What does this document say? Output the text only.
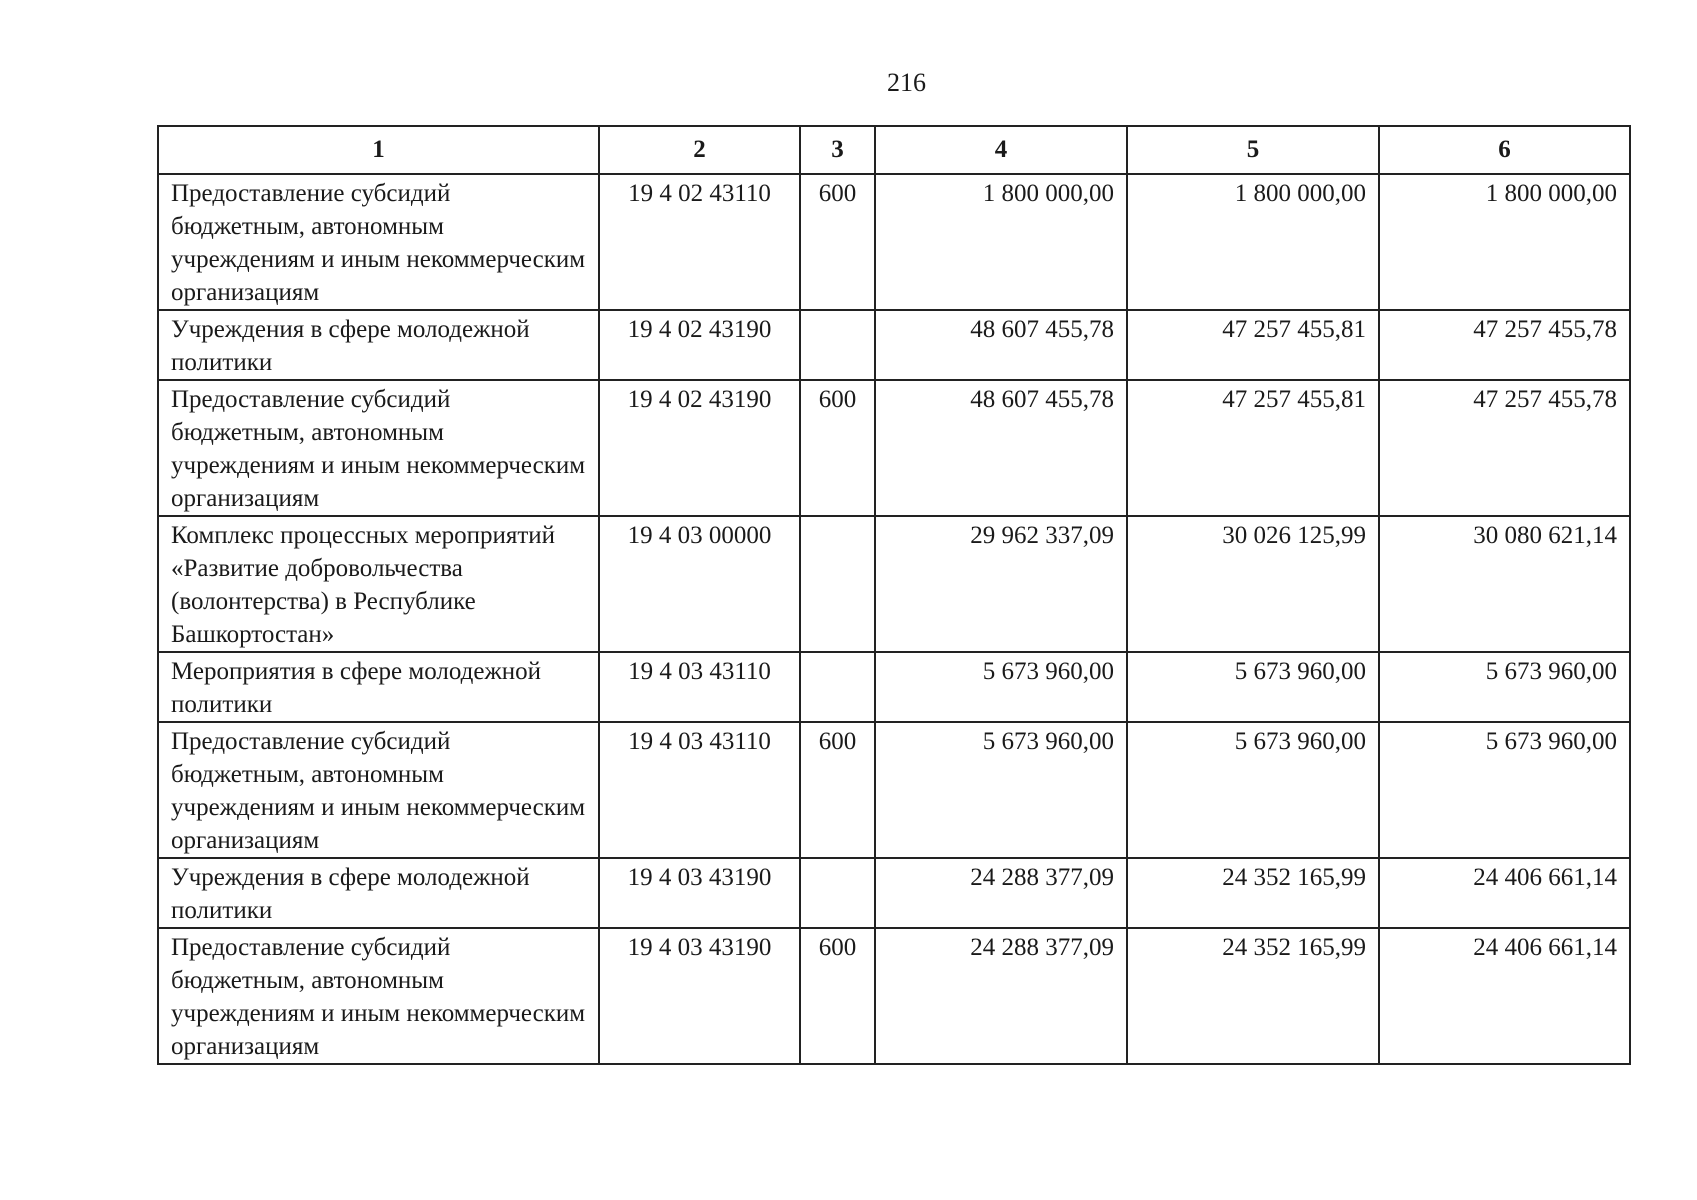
216
1	2	3	4	5	6
Предоставление субсидий бюджетным, автономным учреждениям и иным некоммерческим организациям	19 4 02 43110	600	1 800 000,00	1 800 000,00	1 800 000,00
Учреждения в сфере молодежной политики	19 4 02 43190		48 607 455,78	47 257 455,81	47 257 455,78
Предоставление субсидий бюджетным, автономным учреждениям и иным некоммерческим организациям	19 4 02 43190	600	48 607 455,78	47 257 455,81	47 257 455,78
Комплекс процессных мероприятий «Развитие добровольчества (волонтерства) в Республике Башкортостан»	19 4 03 00000		29 962 337,09	30 026 125,99	30 080 621,14
Мероприятия в сфере молодежной политики	19 4 03 43110		5 673 960,00	5 673 960,00	5 673 960,00
Предоставление субсидий бюджетным, автономным учреждениям и иным некоммерческим организациям	19 4 03 43110	600	5 673 960,00	5 673 960,00	5 673 960,00
Учреждения в сфере молодежной политики	19 4 03 43190		24 288 377,09	24 352 165,99	24 406 661,14
Предоставление субсидий бюджетным, автономным учреждениям и иным некоммерческим организациям	19 4 03 43190	600	24 288 377,09	24 352 165,99	24 406 661,14
